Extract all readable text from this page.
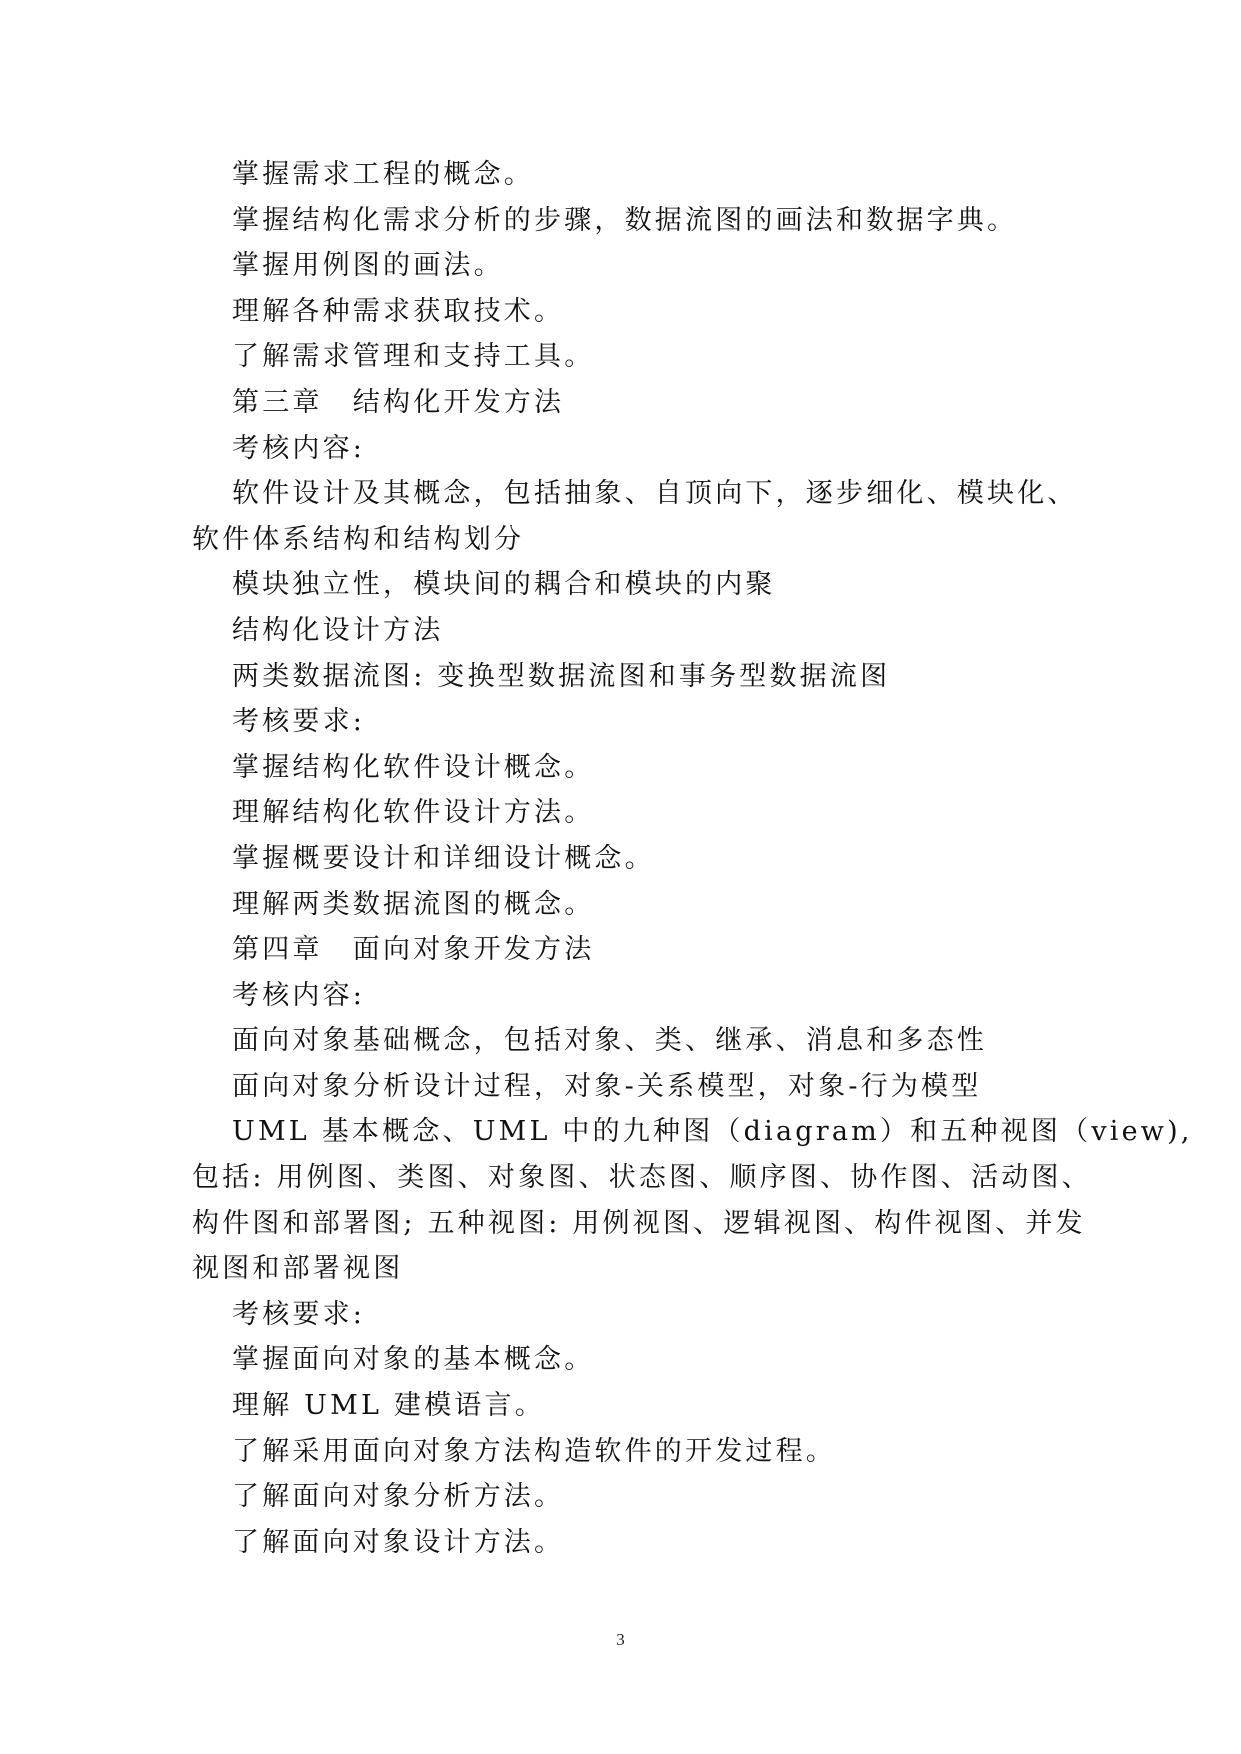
掌握需求工程的概念。
掌握结构化需求分析的步骤，数据流图的画法和数据字典。
掌握用例图的画法。
理解各种需求获取技术。
了解需求管理和支持工具。
第三章　结构化开发方法
考核内容:
软件设计及其概念，包括抽象、自顶向下，逐步细化、模块化、
软件体系结构和结构划分
模块独立性，模块间的耦合和模块的内聚
结构化设计方法
两类数据流图: 变换型数据流图和事务型数据流图
考核要求:
掌握结构化软件设计概念。
理解结构化软件设计方法。
掌握概要设计和详细设计概念。
理解两类数据流图的概念。
第四章　面向对象开发方法
考核内容:
面向对象基础概念，包括对象、类、继承、消息和多态性
面向对象分析设计过程，对象-关系模型，对象-行为模型
UML 基本概念、UML 中的九种图（diagram）和五种视图（view),
包括: 用例图、类图、对象图、状态图、顺序图、协作图、活动图、
构件图和部署图; 五种视图: 用例视图、逻辑视图、构件视图、并发
视图和部署视图
考核要求:
掌握面向对象的基本概念。
理解 UML 建模语言。
了解采用面向对象方法构造软件的开发过程。
了解面向对象分析方法。
了解面向对象设计方法。
3
